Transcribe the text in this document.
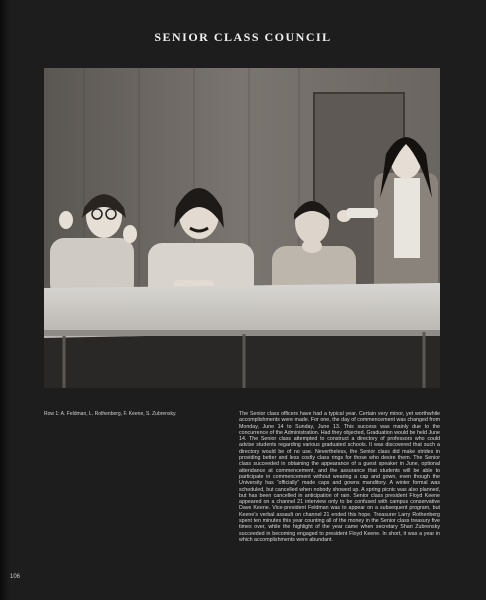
SENIOR CLASS COUNCIL
Row 1: A. Feldman, L. Rothenberg, F. Keene, S. Zubrensky.	The Senior class officers have had a typical year. Certain very minor, yet worthwhile accomplishments were made. For one, the day of commencement was changed from Monday, June 14 to Sunday, June 13. This success was mainly due to the concurrence of the Administration. Had they objected, Graduation would be held June 14. The Senior class attempted to construct a directory of professors who could advise students regarding various graduated schools. It was discovered that such a directory would be of no use. Nevertheless, the Senior class did make strides in providing better and less costly class rings for those who desire them. The Senior class succeeded in obtaining the appearance of a guest speaker in June, optional attendance at commencement, and the assurance that students will be able to participate in commencement without wearing a cap and gown, even though the University has “officially” made caps and gowns manditory. A winter formal was scheduled, but cancelled when nobody showed up. A spring picnic was also planned, but has been cancelled in anticipation of rain. Senior class president Floyd Keene appeared on a channel 21 interview only to be confused with campus conservative Dave Keene. Vice-president Feldman was to appear on a subsequent program, but Keene's verbal assault on channel 21 ended this hope. Treasurer Larry Rothenberg spent ten minutes this year counting all of the money in the Senior class treasury five times over, while the highlight of the year came when secretary Shari Zubrensky succeeded in becoming engaged to president Floyd Keene. In short, it was a year in which accomplishments were abundant.
106
